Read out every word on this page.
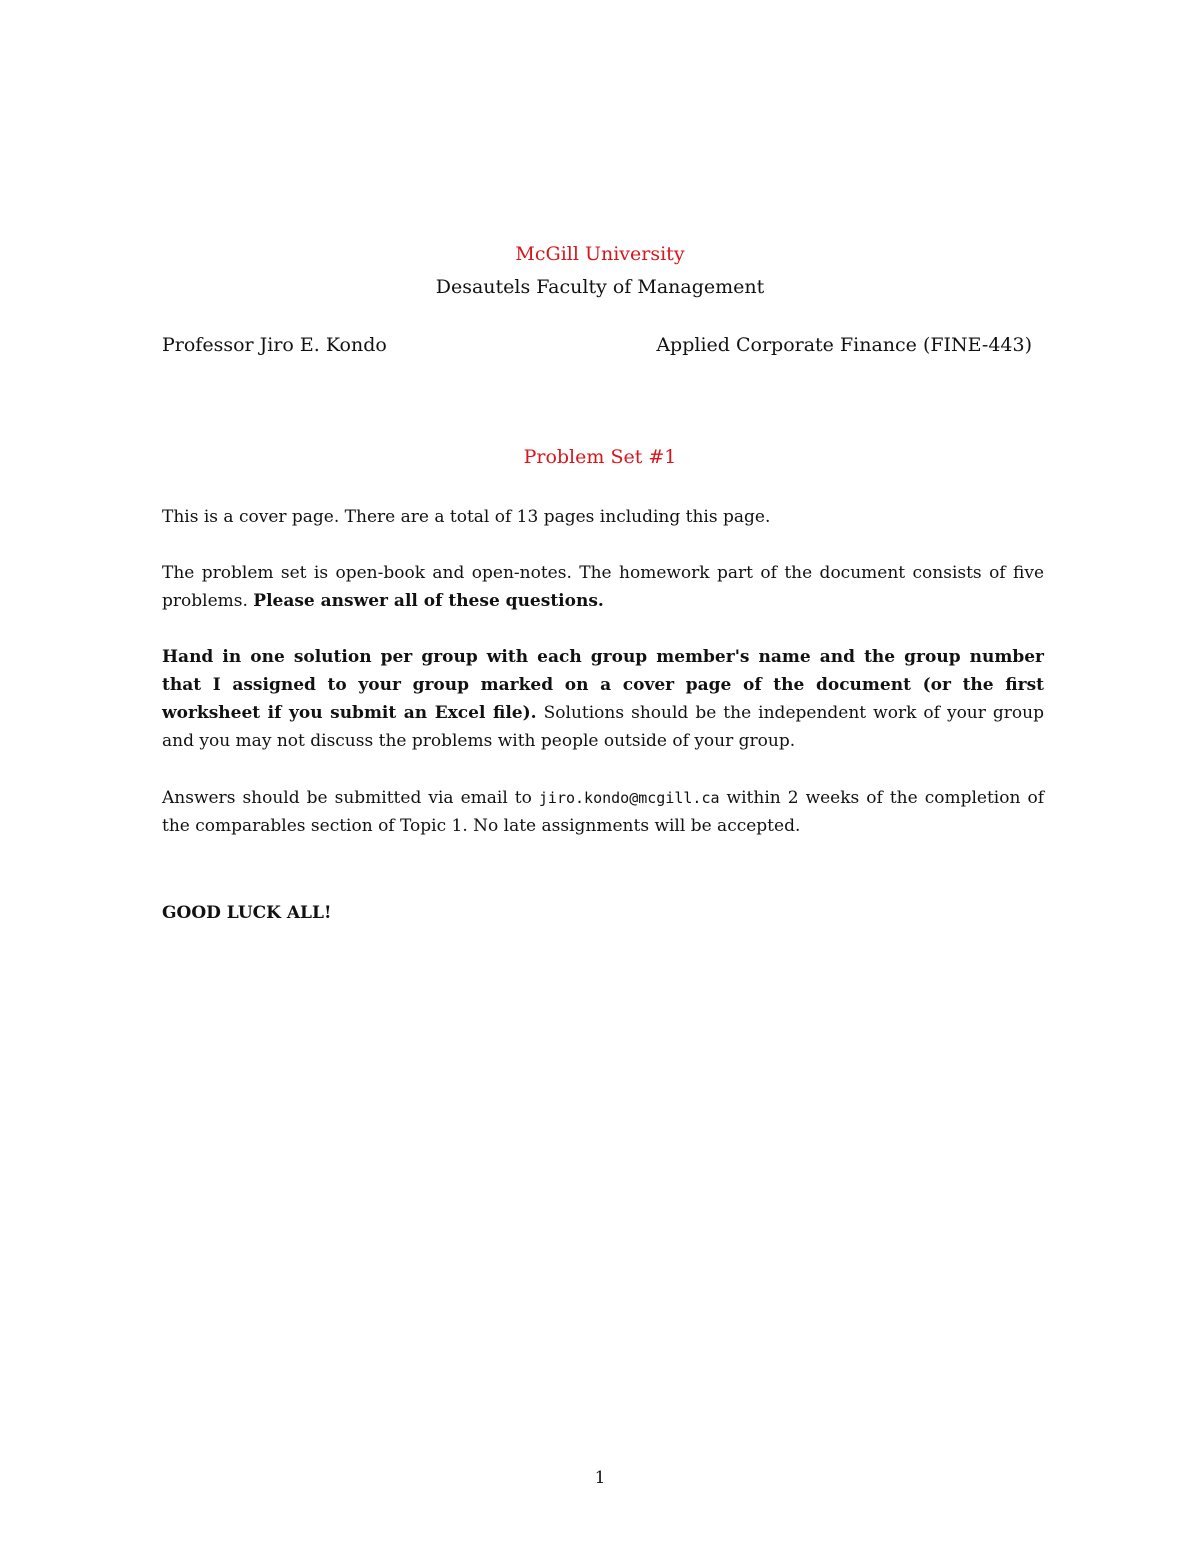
McGill University
Desautels Faculty of Management
Professor Jiro E. Kondo	Applied Corporate Finance (FINE-443)
Problem Set #1

This is a cover page. There are a total of 13 pages including this page.

The problem set is open-book and open-notes. The homework part of the document consists of five problems. Please answer all of these questions.

Hand in one solution per group with each group member's name and the group number that I assigned to your group marked on a cover page of the document (or the first worksheet if you submit an Excel file). Solutions should be the independent work of your group and you may not discuss the problems with people outside of your group.

Answers should be submitted via email to jiro.kondo@mcgill.ca within 2 weeks of the completion of the comparables section of Topic 1. No late assignments will be accepted.

GOOD LUCK ALL!
1
